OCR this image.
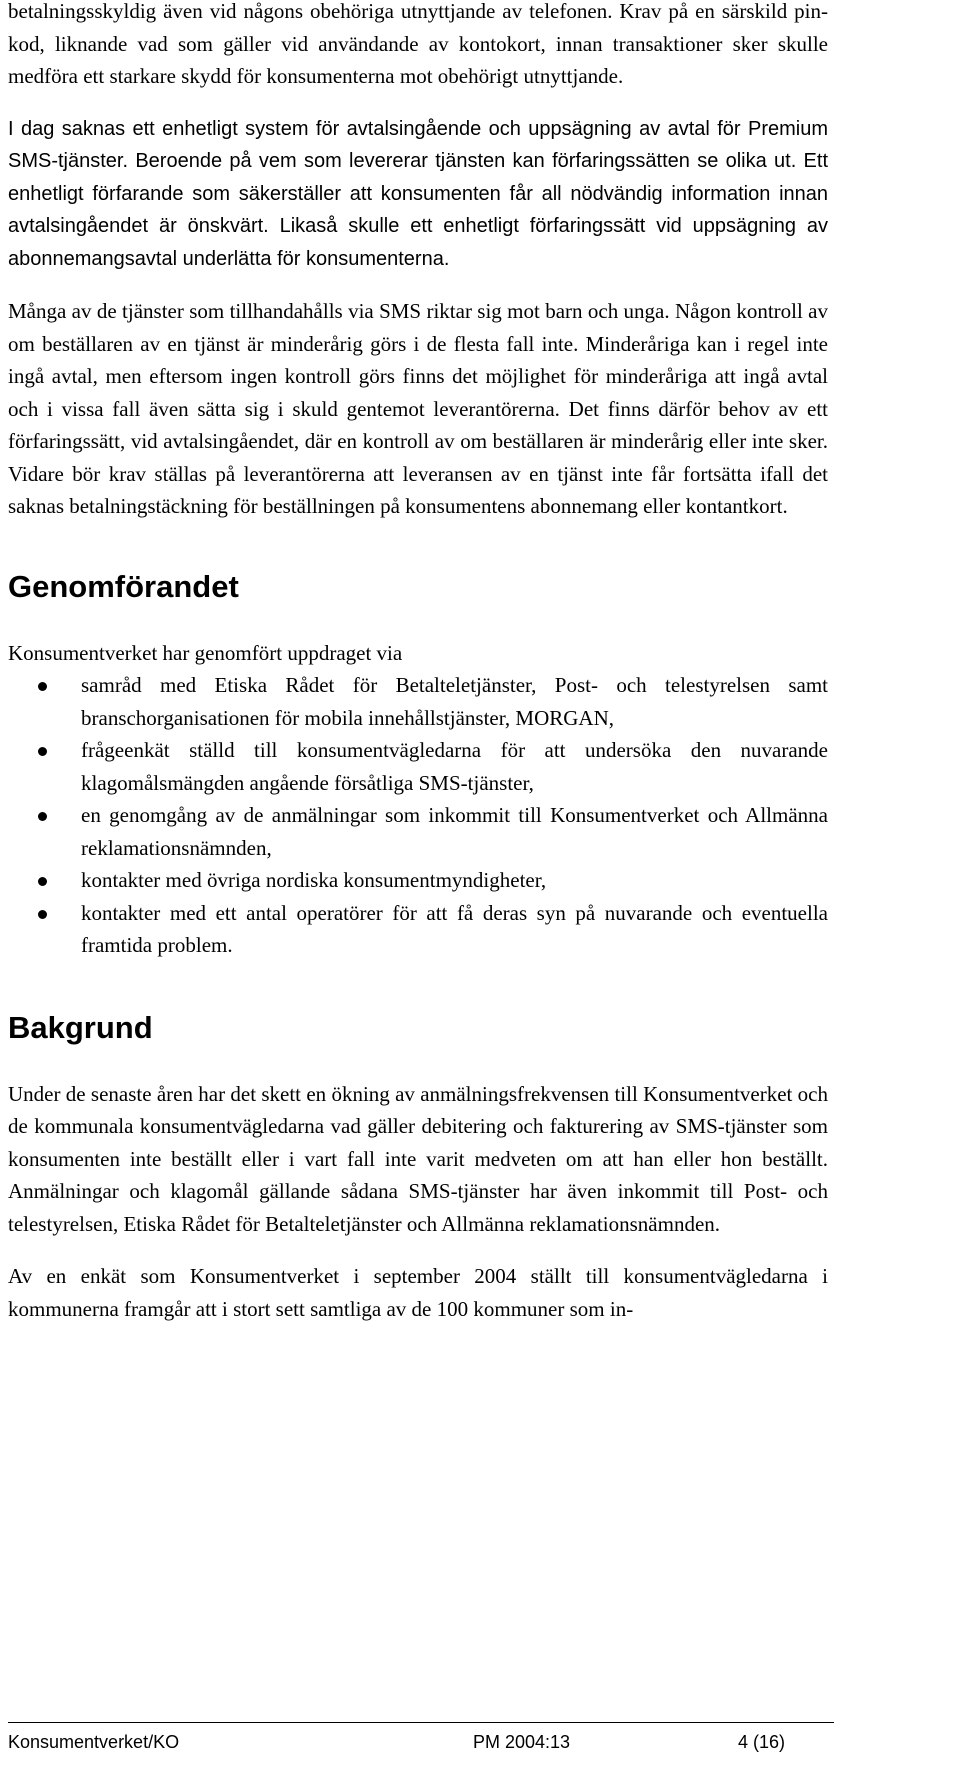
betalningsskyldig även vid någons obehöriga utnyttjande av telefonen. Krav på en särskild pin-kod, liknande vad som gäller vid användande av kontokort, innan transaktioner sker skulle medföra ett starkare skydd för konsumenterna mot obehörigt utnyttjande.

I dag saknas ett enhetligt system för avtalsingående och uppsägning av avtal för Premium SMS-tjänster. Beroende på vem som levererar tjänsten kan förfaringssätten se olika ut. Ett enhetligt förfarande som säkerställer att konsumenten får all nödvändig information innan avtalsingåendet är önskvärt. Likaså skulle ett enhetligt förfaringssätt vid uppsägning av abonnemangsavtal underlätta för konsumenterna.

Många av de tjänster som tillhandahålls via SMS riktar sig mot barn och unga. Någon kontroll av om beställaren av en tjänst är minderårig görs i de flesta fall inte. Minderåriga kan i regel inte ingå avtal, men eftersom ingen kontroll görs finns det möjlighet för minderåriga att ingå avtal och i vissa fall även sätta sig i skuld gentemot leverantörerna. Det finns därför behov av ett förfaringssätt, vid avtalsingåendet, där en kontroll av om beställaren är minderårig eller inte sker. Vidare bör krav ställas på leverantörerna att leveransen av en tjänst inte får fortsätta ifall det saknas betalningstäckning för beställningen på konsumentens abonnemang eller kontantkort.

Genomförandet

Konsumentverket har genomfört uppdraget via

samråd med Etiska Rådet för Betalteletjänster, Post- och telestyrelsen samt branschorganisationen för mobila innehållstjänster, MORGAN,
frågeenkät ställd till konsumentvägledarna för att undersöka den nuvarande klagomålsmängden angående försåtliga SMS-tjänster,
en genomgång av de anmälningar som inkommit till Konsumentverket och Allmänna reklamationsnämnden,
kontakter med övriga nordiska konsumentmyndigheter,
kontakter med ett antal operatörer för att få deras syn på nuvarande och eventuella framtida problem.
Bakgrund

Under de senaste åren har det skett en ökning av anmälningsfrekvensen till Konsumentverket och de kommunala konsumentvägledarna vad gäller debitering och fakturering av SMS-tjänster som konsumenten inte beställt eller i vart fall inte varit medveten om att han eller hon beställt. Anmälningar och klagomål gällande sådana SMS-tjänster har även inkommit till Post- och telestyrelsen, Etiska Rådet för Betalteletjänster och Allmänna reklamationsnämnden.

Av en enkät som Konsumentverket i september 2004 ställt till konsumentvägledarna i kommunerna framgår att i stort sett samtliga av de 100 kommuner som in-

Konsumentverket/KO	PM 2004:13	4 (16)
